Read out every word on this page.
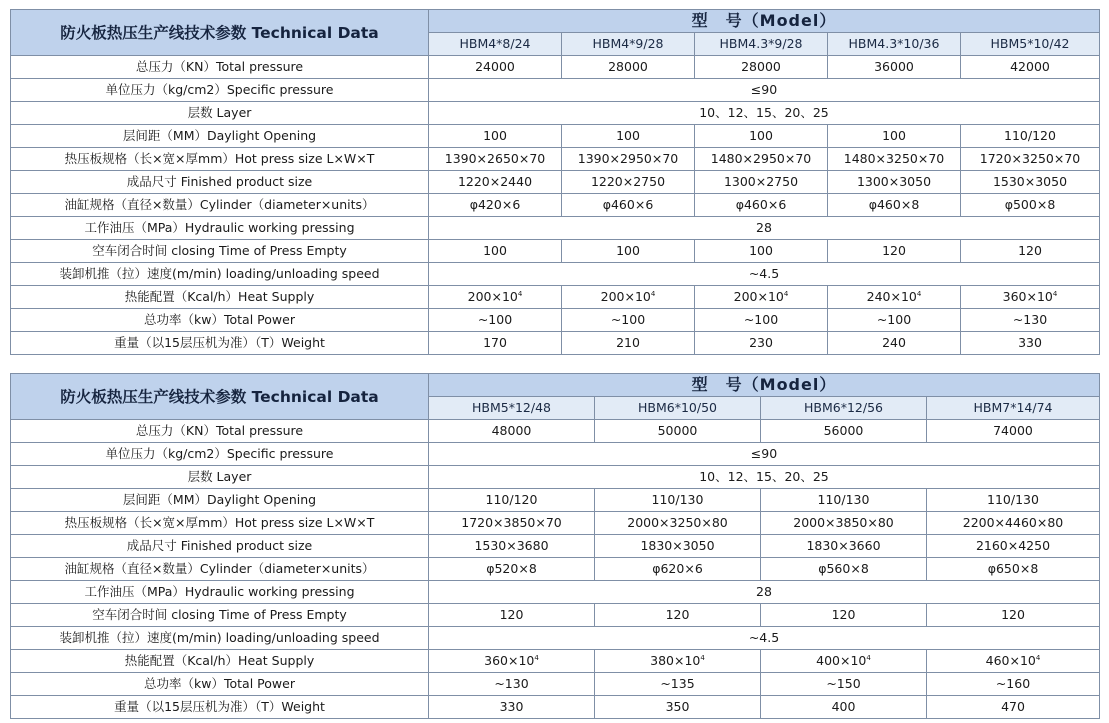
防火板热压生产线技术参数 Technical Data	型　号（Model）				
	HBM4*8/24	HBM4*9/28	HBM4.3*9/28	HBM4.3*10/36	HBM5*10/42
总压力（KN）Total pressure	24000	28000	28000	36000	42000
单位压力（kg/cm2）Specific pressure	≤90				
层数 Layer	10、12、15、20、25				
层间距（MM）Daylight Opening	100	100	100	100	110/120
热压板规格（长×宽×厚mm）Hot press size L×W×T	1390×2650×70	1390×2950×70	1480×2950×70	1480×3250×70	1720×3250×70
成品尺寸 Finished product size	1220×2440	1220×2750	1300×2750	1300×3050	1530×3050
油缸规格（直径×数量）Cylinder（diameter×units）	φ420×6	φ460×6	φ460×6	φ460×8	φ500×8
工作油压（MPa）Hydraulic working pressing	28				
空车闭合时间 closing Time of Press Empty	100	100	100	120	120
装卸机推（拉）速度(m/min) loading/unloading speed	~4.5				
热能配置（Kcal/h）Heat Supply	$200\times 10^4$	$200\times 10^4$	$200\times 10^4$	$240\times 10^4$	$360\times 10^4$
总功率（kw）Total Power	~100	~100	~100	~100	~130
重量（以15层压机为准）（T）Weight	170	210	230	240	330
防火板热压生产线技术参数 Technical Data	型　号（Model）			
	HBM5*12/48	HBM6*10/50	HBM6*12/56	HBM7*14/74
总压力（KN）Total pressure	48000	50000	56000	74000
单位压力（kg/cm2）Specific pressure	≤90			
层数 Layer	10、12、15、20、25			
层间距（MM）Daylight Opening	110/120	110/130	110/130	110/130
热压板规格（长×宽×厚mm）Hot press size L×W×T	1720×3850×70	2000×3250×80	2000×3850×80	2200×4460×80
成品尺寸 Finished product size	1530×3680	1830×3050	1830×3660	2160×4250
油缸规格（直径×数量）Cylinder（diameter×units）	φ520×8	φ620×6	φ560×8	φ650×8
工作油压（MPa）Hydraulic working pressing	28			
空车闭合时间 closing Time of Press Empty	120	120	120	120
装卸机推（拉）速度(m/min) loading/unloading speed	~4.5			
热能配置（Kcal/h）Heat Supply	$360\times 10^4$	$380\times 10^4$	$400\times 10^4$	$460\times 10^4$
总功率（kw）Total Power	~130	~135	~150	~160
重量（以15层压机为准）（T）Weight	330	350	400	470
